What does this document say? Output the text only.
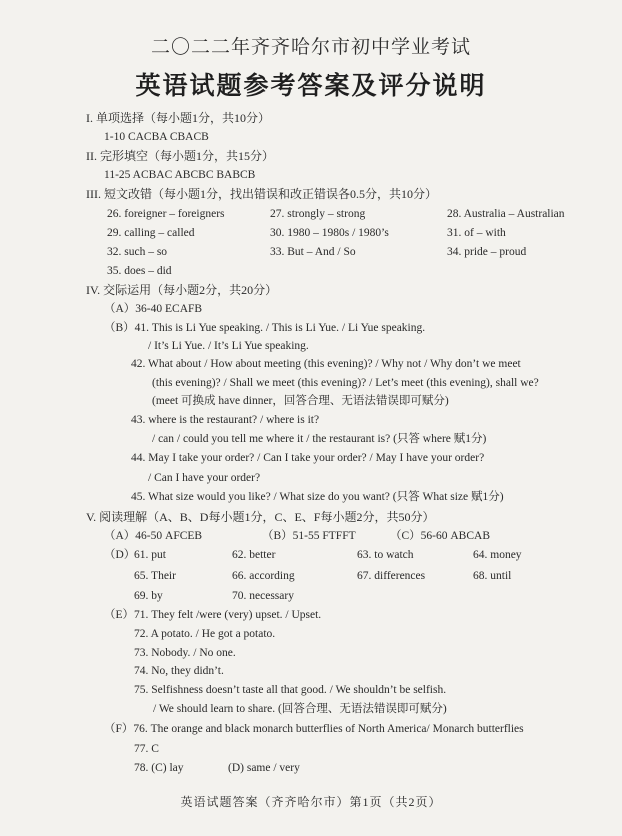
二〇二二年齐齐哈尔市初中学业考试
英语试题参考答案及评分说明
I. 单项选择（每小题1分，共10分）
1-10 CACBA CBACB
II. 完形填空（每小题1分，共15分）
11-25 ACBAC ABCBC BABCB
III. 短文改错（每小题1分，找出错误和改正错误各0.5分，共10分）
26. foreigner – foreigners	27. strongly – strong	28. Australia – Australian
29. calling – called	30. 1980 – 1980s / 1980’s	31. of – with
32. such – so	33. But – And / So	34. pride – proud
35. does – did
IV. 交际运用（每小题2分，共20分）
（A）36-40 ECAFB
（B）41. This is Li Yue speaking. / This is Li Yue. / Li Yue speaking.
/ It’s Li Yue. / It’s Li Yue speaking.
42. What about / How about meeting (this evening)? / Why not / Why don’t we meet
(this evening)? / Shall we meet (this evening)? / Let’s meet (this evening), shall we?
(meet 可换成 have dinner，回答合理、无语法错误即可赋分)
43. where is the restaurant? / where is it?
/ can / could you tell me where it / the restaurant is? (只答 where 赋1分)
44. May I take your order? / Can I take your order? / May I have your order?
/ Can I have your order?
45. What size would you like? / What size do you want? (只答 What size 赋1分)
V. 阅读理解（A、B、D每小题1分，C、E、F每小题2分，共50分）
（A）46-50 AFCEB	（B）51-55 FTFFT	（C）56-60 ABCAB
（D）
61. put	62. better	63. to watch	64. money
65. Their	66. according	67. differences	68. until
69. by	70. necessary
（E）71. They felt /were (very) upset. / Upset.
72. A potato. / He got a potato.
73. Nobody. / No one.
74. No, they didn’t.
75. Selfishness doesn’t taste all that good. / We shouldn’t be selfish.
/ We should learn to share. (回答合理、无语法错误即可赋分)
（F）76. The orange and black monarch butterflies of North America/ Monarch butterflies
77. C
78. (C) lay	(D) same / very
英语试题答案（齐齐哈尔市）第1页（共2页）
